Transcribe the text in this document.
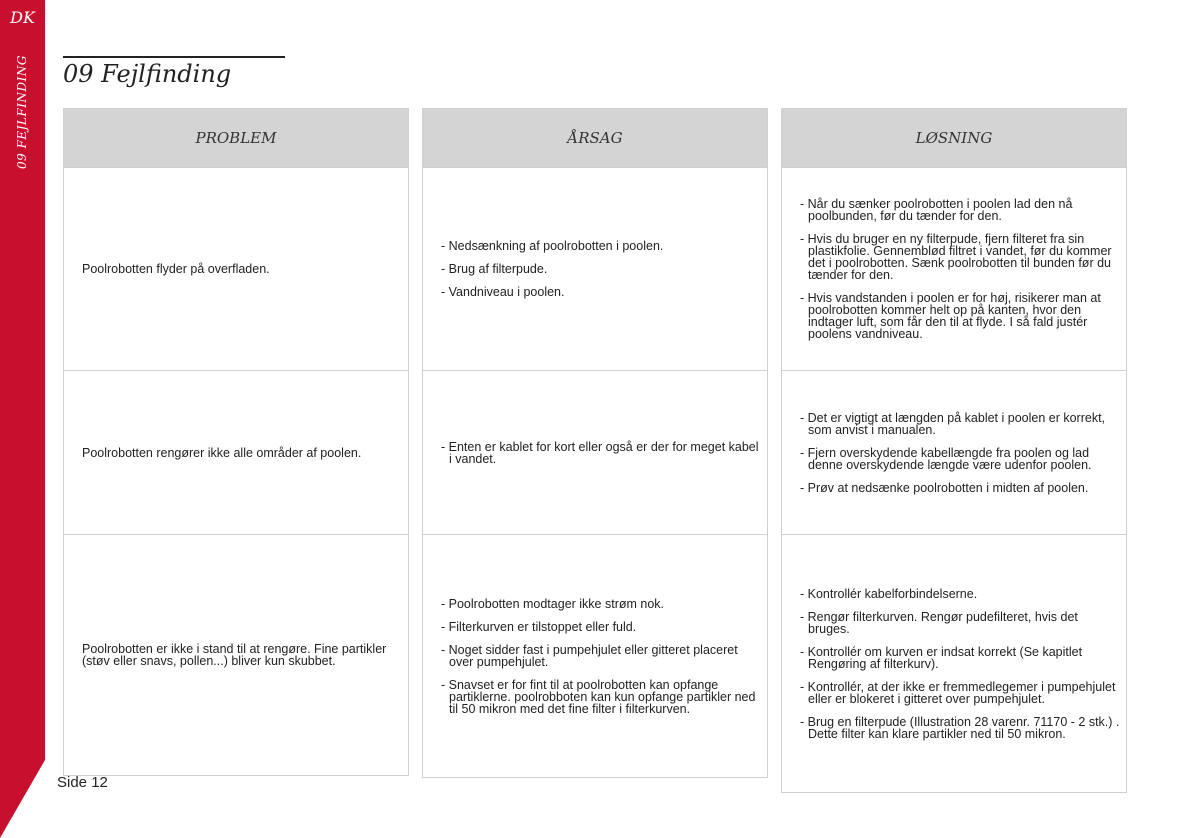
DK
09 FEJLFINDING 09 Fejlfinding
PROBLEM

Poolrobotten flyder på overfladen.

Poolrobotten rengører ikke alle områder af poolen.

Poolrobotten er ikke i stand til at rengøre. Fine partikler (støv eller snavs, pollen...) bliver kun skubbet.

ÅRSAG
- Nedsænkning af poolrobotten i poolen.
- Brug af filterpude.
- Vandniveau i poolen.
- Enten er kablet for kort eller også er der for meget kabel i vandet.
- Poolrobotten modtager ikke strøm nok.
- Filterkurven er tilstoppet eller fuld.
- Noget sidder fast i pumpehjulet eller gitteret placeret over pumpehjulet.
- Snavset er for fint til at poolrobotten kan opfange partiklerne. poolrobboten kan kun opfange partikler ned til 50 mikron med det fine filter i filterkurven.
LØSNING
- Når du sænker poolrobotten i poolen lad den nå poolbunden, før du tænder for den.
- Hvis du bruger en ny filterpude, fjern filteret fra sin plastikfolie. Gennemblød filtret i vandet, før du kommer det i poolrobotten. Sænk poolrobotten til bunden før du tænder for den.
- Hvis vandstanden i poolen er for høj, risikerer man at poolrobotten kommer helt op på kanten, hvor den indtager luft, som får den til at flyde. I så fald justér poolens vandniveau.
- Det er vigtigt at længden på kablet i poolen er korrekt, som anvist i manualen.
- Fjern overskydende kabellængde fra poolen og lad denne overskydende længde være udenfor poolen.
- Prøv at nedsænke poolrobotten i midten af poolen.
- Kontrollér kabelforbindelserne.
- Rengør filterkurven. Rengør pudefilteret, hvis det bruges.
- Kontrollér om kurven er indsat korrekt (Se kapitlet Rengøring af filterkurv).
- Kontrollér, at der ikke er fremmedlegemer i pumpehjulet eller er blokeret i gitteret over pumpehjulet.
- Brug en filterpude (Illustration 28 varenr. 71170 - 2 stk.) . Dette filter kan klare partikler ned til 50 mikron.
Side 12
